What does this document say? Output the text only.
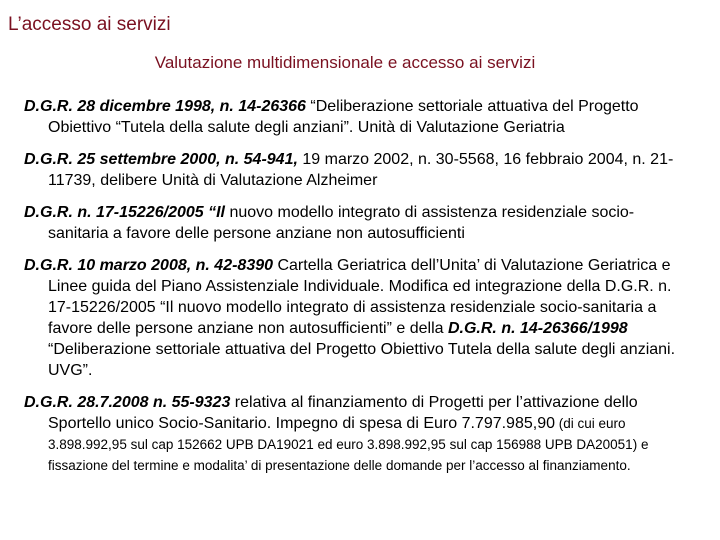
L’accesso ai servizi
Valutazione multidimensionale e accesso ai servizi

D.G.R. 28 dicembre 1998, n. 14-26366 “Deliberazione settoriale attuativa del Progetto Obiettivo “Tutela della salute degli anziani”. Unità di Valutazione Geriatria

D.G.R. 25 settembre 2000, n. 54-941, 19 marzo 2002, n. 30-5568, 16 febbraio 2004, n. 21-11739, delibere Unità di Valutazione Alzheimer

D.G.R. n. 17-15226/2005 “Il nuovo modello integrato di assistenza residenziale socio-sanitaria a favore delle persone anziane non autosufficienti

D.G.R. 10 marzo 2008, n. 42-8390 Cartella Geriatrica dell’Unita’ di Valutazione Geriatrica e Linee guida del Piano Assistenziale Individuale. Modifica ed integrazione della D.G.R. n. 17-15226/2005 “Il nuovo modello integrato di assistenza residenziale socio-sanitaria a favore delle persone anziane non autosufficienti” e della D.G.R. n. 14-26366/1998 “Deliberazione settoriale attuativa del Progetto Obiettivo Tutela della salute degli anziani. UVG”.

D.G.R. 28.7.2008 n. 55-9323 relativa al finanziamento di Progetti per l’attivazione dello Sportello unico Socio-Sanitario. Impegno di spesa di Euro 7.797.985,90 (di cui euro 3.898.992,95 sul cap 152662 UPB DA19021 ed euro 3.898.992,95 sul cap 156988 UPB DA20051) e fissazione del termine e modalita’ di presentazione delle domande per l’accesso al finanziamento.
